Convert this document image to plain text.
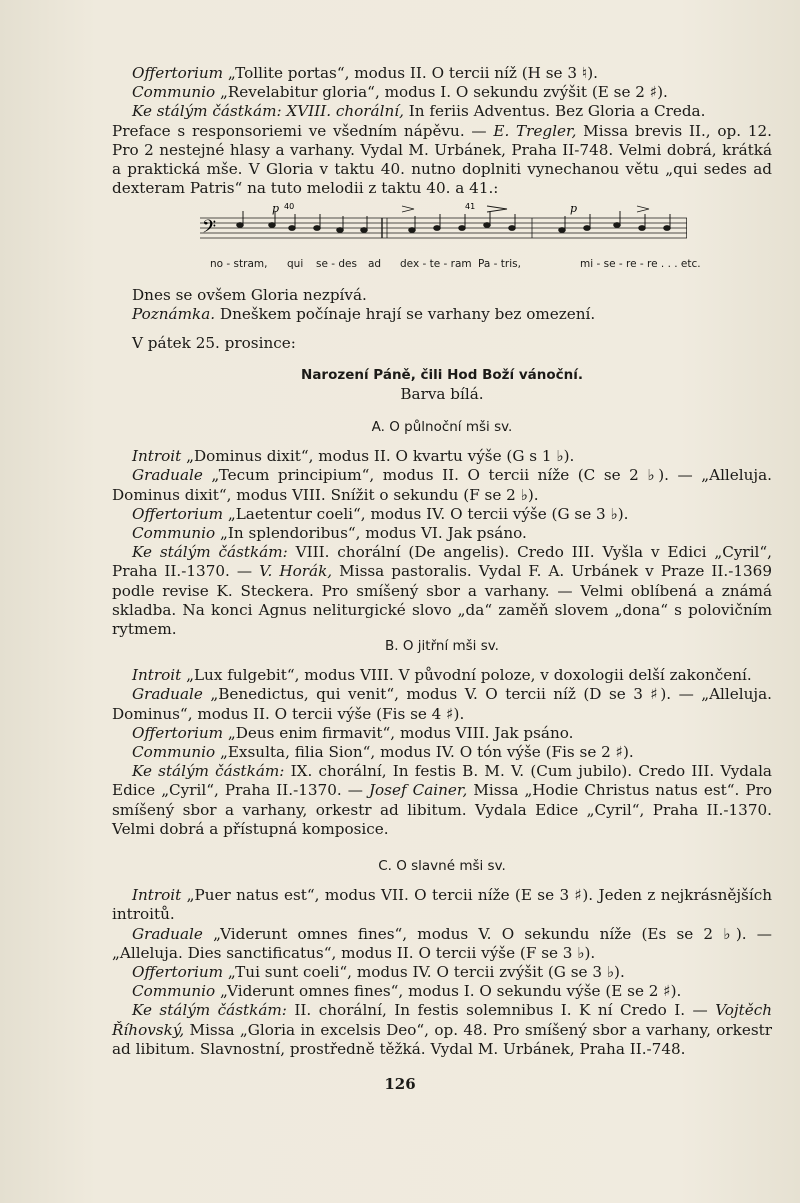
Offertorium „Tollite portas“, modus II. O tercii níž (H se 3 ♮).

Communio „Revelabitur gloria“, modus I. O sekundu zvýšit (E se 2 ♯).

Ke stálým částkám: XVIII. chorální, In feriis Adventus. Bez Gloria a Creda.

Preface s responsoriemi ve všedním nápěvu. — E. Tregler, Missa brevis II., op. 12. Pro 2 nestejné hlasy a varhany. Vydal M. Urbánek, Praha II-748. Velmi dobrá, krátká a praktická mše. V Gloria v taktu 40. nutno doplniti vynechanou větu „qui sedes ad dexteram Patris“ na tuto melodii z taktu 40. a 41.:

𝄢
p 40	41	p
no - stram, qui se - des ad dex - te - ram Pa - tris,	mi - se - re - re . . . etc.

Dnes se ovšem Gloria nezpívá.

Poznámka. Dneškem počínaje hrají se varhany bez omezení.

V pátek 25. prosince:

Narození Páně, čili Hod Boží vánoční.

Barva bílá.

A. O půlnoční mši sv.

Introit „Dominus dixit“, modus II. O kvartu výše (G s 1 ♭).

Graduale „Tecum principium“, modus II. O tercii níže (C se 2 ♭). — „Alleluja. Dominus dixit“, modus VIII. Snížit o sekundu (F se 2 ♭).

Offertorium „Laetentur coeli“, modus IV. O tercii výše (G se 3 ♭).

Communio „In splendoribus“, modus VI. Jak psáno.

Ke stálým částkám: VIII. chorální (De angelis). Credo III. Vyšla v Edici „Cyril“, Praha II.-1370. — V. Horák, Missa pastoralis. Vydal F. A. Urbánek v Praze II.-1369 podle revise K. Steckera. Pro smíšený sbor a varhany. — Velmi oblíbená a známá skladba. Na konci Agnus neliturgické slovo „da“ zaměň slovem „dona“ s polovičním rytmem.

B. O jitřní mši sv.

Introit „Lux fulgebit“, modus VIII. V původní poloze, v doxologii delší zakončení.

Graduale „Benedictus, qui venit“, modus V. O tercii níž (D se 3 ♯). — „Alleluja. Dominus“, modus II. O tercii výše (Fis se 4 ♯).

Offertorium „Deus enim firmavit“, modus VIII. Jak psáno.

Communio „Exsulta, filia Sion“, modus IV. O tón výše (Fis se 2 ♯).

Ke stálým částkám: IX. chorální, In festis B. M. V. (Cum jubilo). Credo III. Vydala Edice „Cyril“, Praha II.-1370. — Josef Cainer, Missa „Hodie Christus natus est“. Pro smíšený sbor a varhany, orkestr ad libitum. Vydala Edice „Cyril“, Praha II.-1370. Velmi dobrá a přístupná komposice.

C. O slavné mši sv.

Introit „Puer natus est“, modus VII. O tercii níže (E se 3 ♯). Jeden z nejkrásnějších introitů.

Graduale „Viderunt omnes fines“, modus V. O sekundu níže (Es se 2 ♭). — „Alleluja. Dies sanctificatus“, modus II. O tercii výše (F se 3 ♭).

Offertorium „Tui sunt coeli“, modus IV. O tercii zvýšit (G se 3 ♭).

Communio „Viderunt omnes fines“, modus I. O sekundu výše (E se 2 ♯).

Ke stálým částkám: II. chorální, In festis solemnibus I. K ní Credo I. — Vojtěch Říhovský, Missa „Gloria in excelsis Deo“, op. 48. Pro smíšený sbor a varhany, orkestr ad libitum. Slavnostní, prostředně těžká. Vydal M. Urbánek, Praha II.-748.

126
